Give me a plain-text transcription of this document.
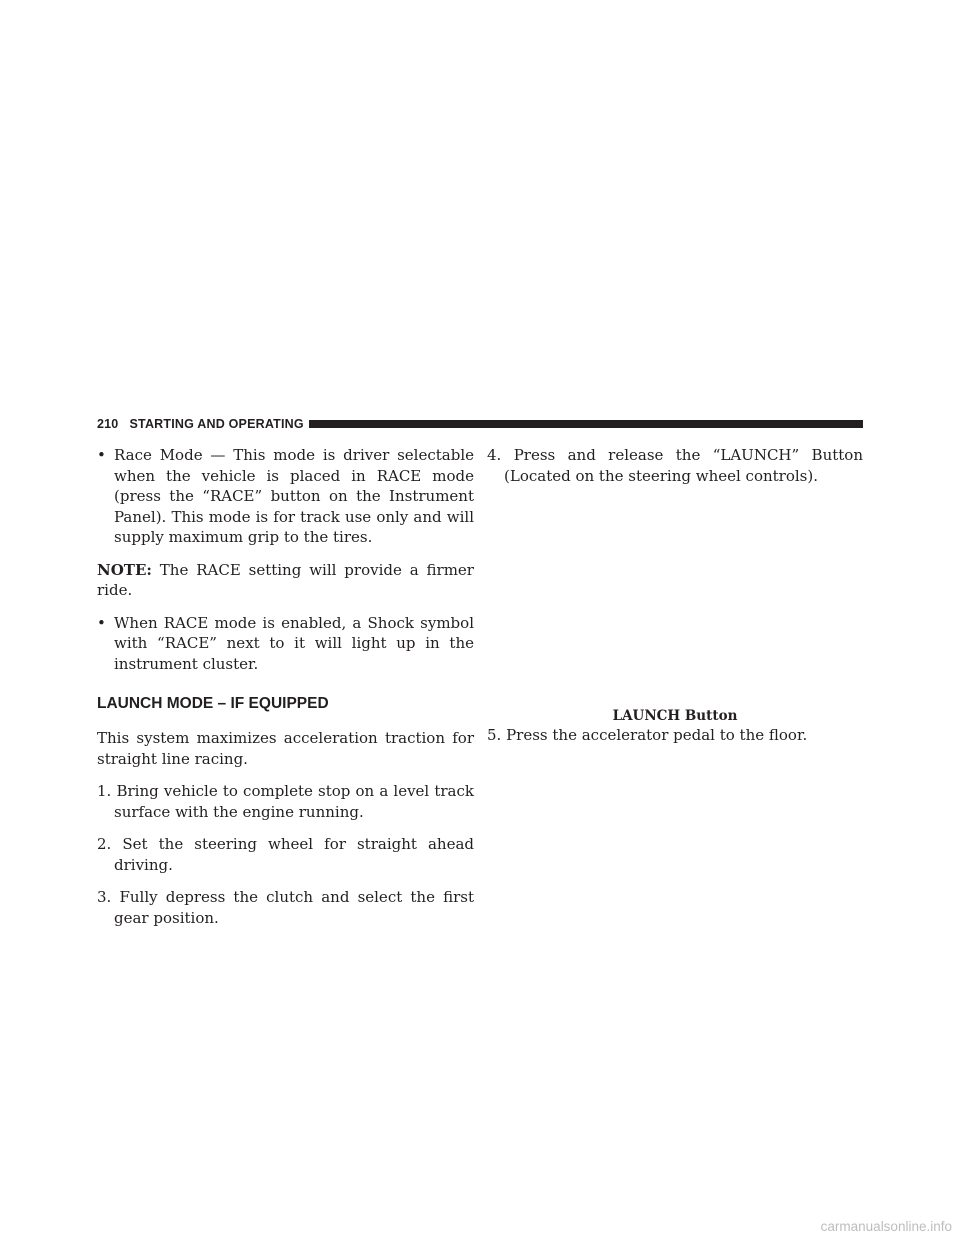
210 STARTING AND OPERATING
• Race Mode — This mode is driver selectable when the vehicle is placed in RACE mode (press the “RACE” button on the Instrument Panel). This mode is for track use only and will supply maximum grip to the tires.

NOTE: The RACE setting will provide a firmer ride.

• When RACE mode is enabled, a Shock symbol with “RACE” next to it will light up in the instrument cluster.
LAUNCH MODE – IF EQUIPPED

This system maximizes acceleration traction for straight line racing.

1. Bring vehicle to complete stop on a level track surface with the engine running.
2. Set the steering wheel for straight ahead driving.
3. Fully depress the clutch and select the first gear position.
4. Press and release the “LAUNCH” Button (Located on the steering wheel controls).
LAUNCH Button
5. Press the accelerator pedal to the floor.
carmanualsonline.info
